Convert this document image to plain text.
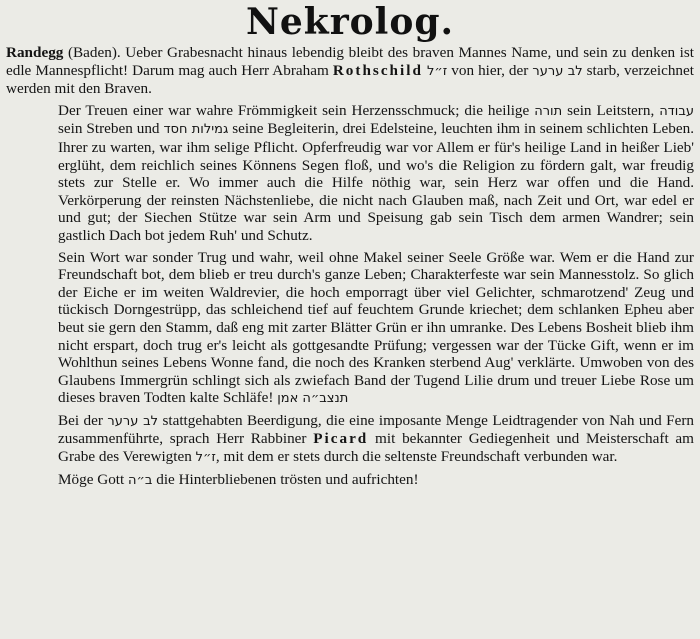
Nekrolog.

Randegg (Baden). Ueber Grabesnacht hinaus lebendig bleibt des braven Mannes Name, und sein zu denken ist edle Mannespflicht! Darum mag auch Herr Abraham Rothschild ז״ל von hier, der לב ערער starb, verzeichnet werden mit den Braven.

Der Treuen einer war wahre Frömmigkeit sein Herzensschmuck; die heilige תורה sein Leitstern, עבודה sein Streben und גמילות חסד seine Begleiterin, drei Edelsteine, leuchten ihm in seinem schlichten Leben. Ihrer zu warten, war ihm selige Pflicht. Opferfreudig war vor Allem er für's heilige Land in heißer Lieb' erglüht, dem reichlich seines Könnens Segen floß, und wo's die Religion zu fördern galt, war freudig stets zur Stelle er. Wo immer auch die Hilfe nöthig war, sein Herz war offen und die Hand. Verkörperung der reinsten Nächstenliebe, die nicht nach Glauben maß, nach Zeit und Ort, war edel er und gut; der Siechen Stütze war sein Arm und Speisung gab sein Tisch dem armen Wandrer; sein gastlich Dach bot jedem Ruh' und Schutz.

Sein Wort war sonder Trug und wahr, weil ohne Makel seiner Seele Größe war. Wem er die Hand zur Freundschaft bot, dem blieb er treu durch's ganze Leben; Charakterfeste war sein Mannesstolz. So glich der Eiche er im weiten Waldrevier, die hoch emporragt über viel Gelichter, schmarotzend' Zeug und tückisch Dorngestrüpp, das schleichend tief auf feuchtem Grunde kriechet; dem schlanken Epheu aber beut sie gern den Stamm, daß eng mit zarter Blätter Grün er ihn umranke. Des Lebens Bosheit blieb ihm nicht erspart, doch trug er's leicht als gottgesandte Prüfung; vergessen war der Tücke Gift, wenn er im Wohlthun seines Lebens Wonne fand, die noch des Kranken sterbend Aug' verklärte. Umwoben von des Glaubens Immergrün schlingt sich als zwiefach Band der Tugend Lilie drum und treuer Liebe Rose um dieses braven Todten kalte Schläfe! תנצב״ה אמן

Bei der לב ערער stattgehabten Beerdigung, die eine imposante Menge Leidtragender von Nah und Fern zusammenführte, sprach Herr Rabbiner Picard mit bekannter Gediegenheit und Meisterschaft am Grabe des Verewigten ז״ל, mit dem er stets durch die seltenste Freundschaft verbunden war.

Möge Gott ב״ה die Hinterbliebenen trösten und aufrichten!
